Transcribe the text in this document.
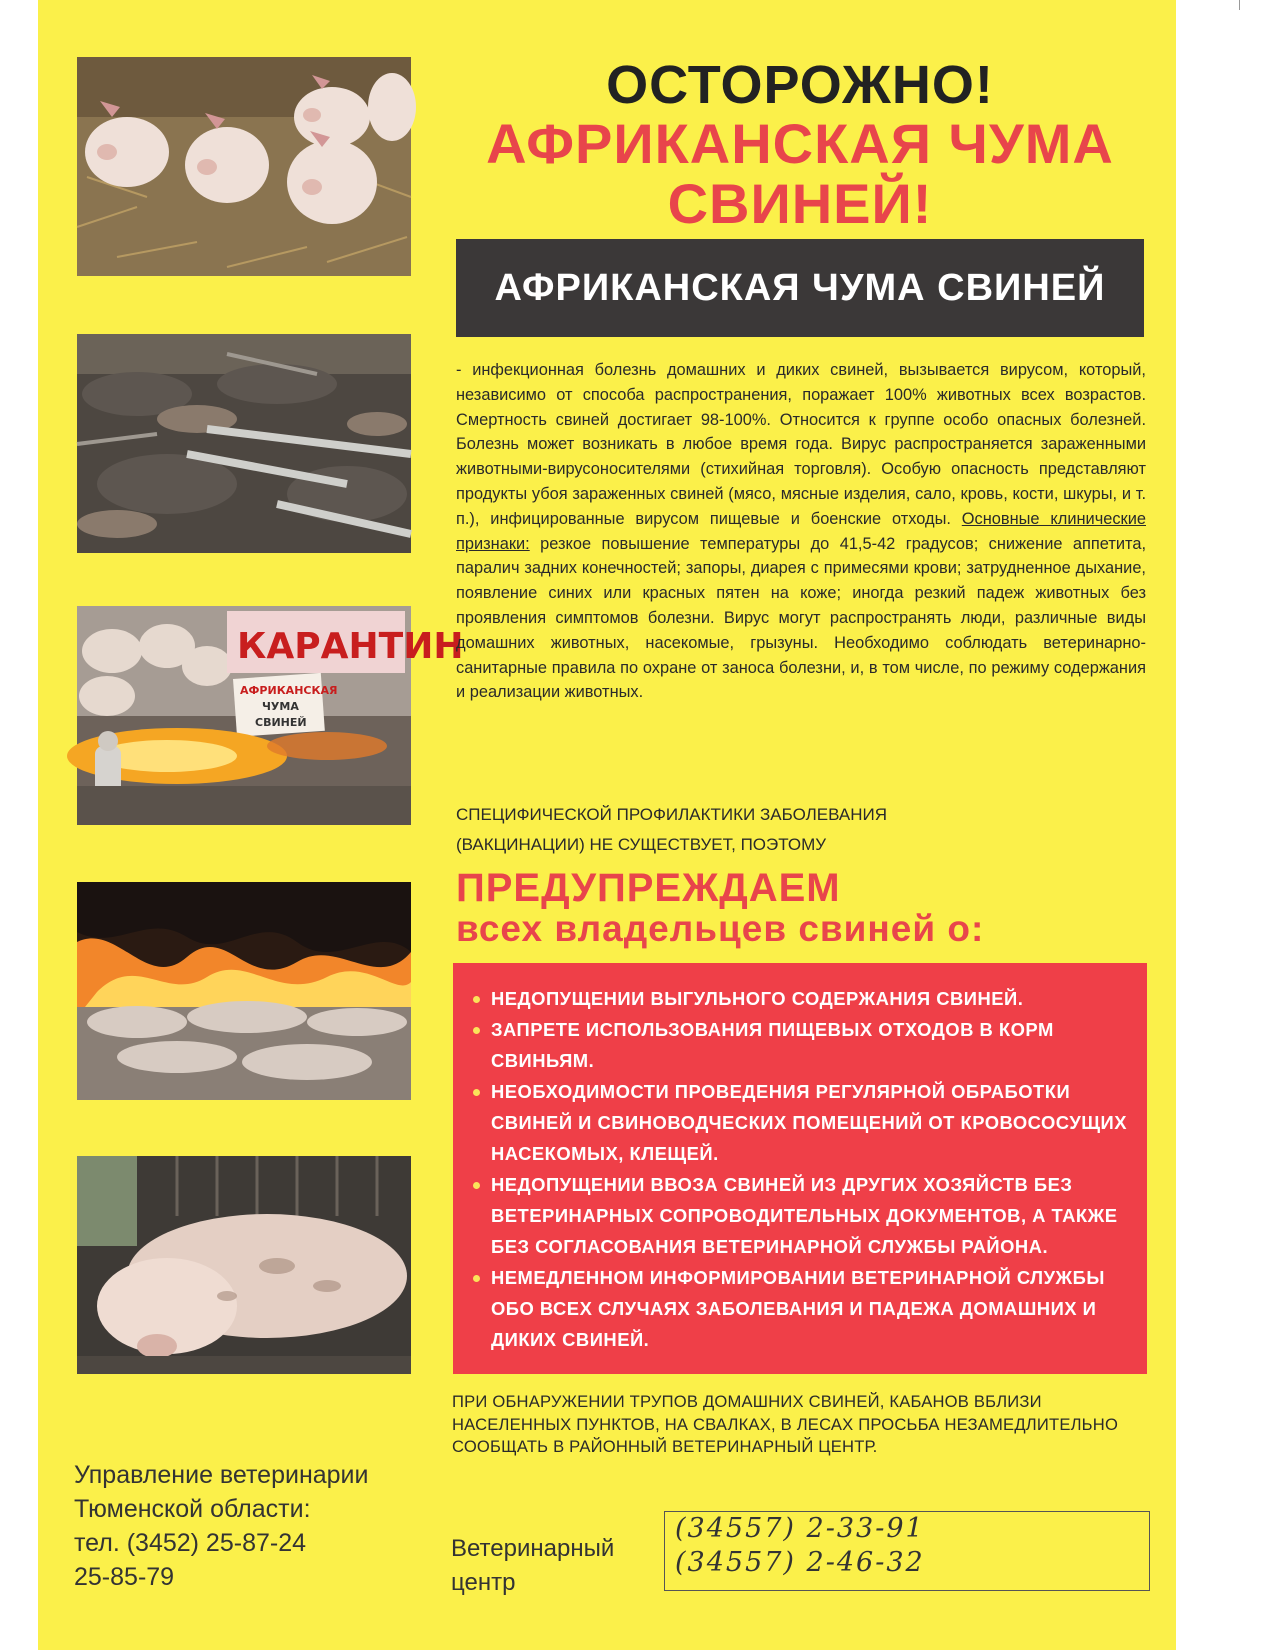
КАРАНТИН
АФРИКАНСКАЯ
ЧУМА
СВИНЕЙ
ОСТОРОЖНО!
АФРИКАНСКАЯ ЧУМА
СВИНЕЙ!
АФРИКАНСКАЯ ЧУМА СВИНЕЙ
- инфекционная болезнь домашних и диких свиней, вызывается вирусом, который, независимо от способа распространения, поражает 100% животных всех возрастов. Смертность свиней достигает 98-100%. Относится к группе особо опасных болезней. Болезнь может возникать в любое время года. Вирус распространяется зараженными животными-вирусоносителями (стихийная торговля). Особую опасность представляют продукты убоя зараженных свиней (мясо, мясные изделия, сало, кровь, кости, шкуры, и т. п.), инфицированные вирусом пищевые и боенские отходы. Основные клинические признаки: резкое повышение температуры до 41,5-42 градусов; снижение аппетита, паралич задних конечностей; запоры, диарея с примесями крови; затрудненное дыхание, появление синих или красных пятен на коже; иногда резкий падеж животных без проявления симптомов болезни. Вирус могут распространять люди, различные виды домашних животных, насекомые, грызуны. Необходимо соблюдать ветеринарно-санитарные правила по охране от заноса болезни, и, в том числе, по режиму содержания и реализации животных.
СПЕЦИФИЧЕСКОЙ ПРОФИЛАКТИКИ ЗАБОЛЕВАНИЯ
(ВАКЦИНАЦИИ) НЕ СУЩЕСТВУЕТ, ПОЭТОМУ
ПРЕДУПРЕЖДАЕМ
всех владельцев свиней о:
НЕДОПУЩЕНИИ ВЫГУЛЬНОГО СОДЕРЖАНИЯ СВИНЕЙ.
ЗАПРЕТЕ ИСПОЛЬЗОВАНИЯ ПИЩЕВЫХ ОТХОДОВ В КОРМ СВИНЬЯМ.
НЕОБХОДИМОСТИ ПРОВЕДЕНИЯ РЕГУЛЯРНОЙ ОБРАБОТКИ СВИНЕЙ И СВИНОВОДЧЕСКИХ ПОМЕЩЕНИЙ ОТ КРОВОСОСУЩИХ НАСЕКОМЫХ, КЛЕЩЕЙ.
НЕДОПУЩЕНИИ ВВОЗА СВИНЕЙ ИЗ ДРУГИХ ХОЗЯЙСТВ БЕЗ ВЕТЕРИНАРНЫХ СОПРОВОДИТЕЛЬНЫХ ДОКУМЕНТОВ, А ТАКЖЕ БЕЗ СОГЛАСОВАНИЯ ВЕТЕРИНАРНОЙ СЛУЖБЫ РАЙОНА.
НЕМЕДЛЕННОМ ИНФОРМИРОВАНИИ ВЕТЕРИНАРНОЙ СЛУЖБЫ ОБО ВСЕХ СЛУЧАЯХ ЗАБОЛЕВАНИЯ И ПАДЕЖА ДОМАШНИХ И ДИКИХ СВИНЕЙ.
ПРИ ОБНАРУЖЕНИИ ТРУПОВ ДОМАШНИХ СВИНЕЙ, КАБАНОВ ВБЛИЗИ НАСЕЛЕННЫХ ПУНКТОВ, НА СВАЛКАХ, В ЛЕСАХ ПРОСЬБА НЕЗАМЕДЛИТЕЛЬНО СООБЩАТЬ В РАЙОННЫЙ ВЕТЕРИНАРНЫЙ ЦЕНТР.
Управление ветеринарии
Тюменской области:
тел. (3452) 25-87-24
25-85-79
Ветеринарный
центр
(34557) 2-33-91
(34557) 2-46-32
